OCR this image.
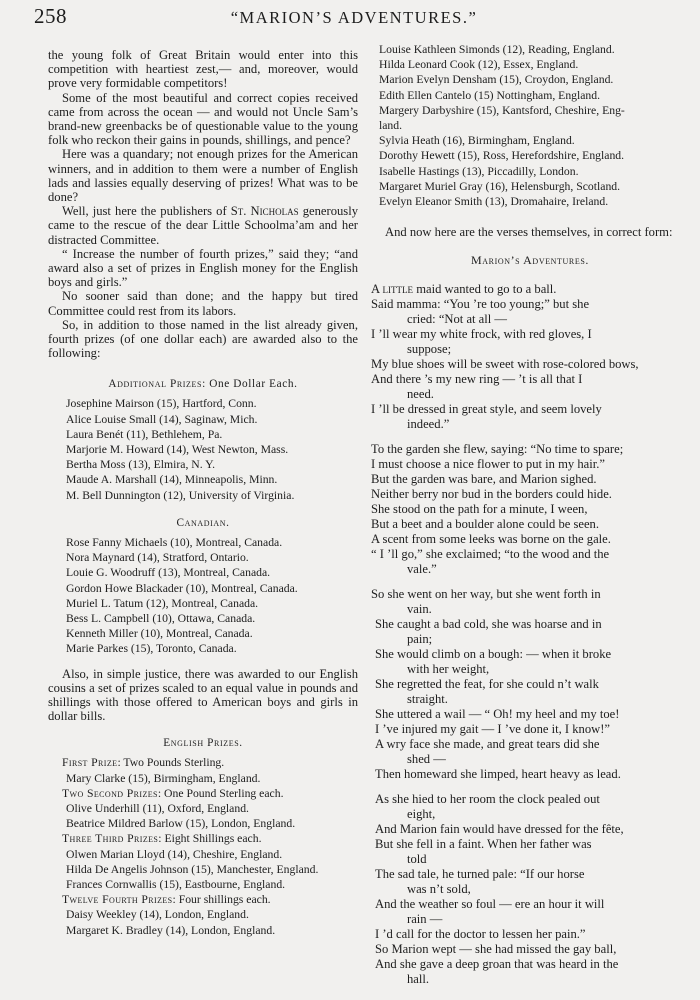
258	“MARION’S ADVENTURES.”

the young folk of Great Britain would enter into this competition with heartiest zest,— and, moreover, would prove very formidable competitors!

Some of the most beautiful and correct copies received came from across the ocean — and would not Uncle Sam’s brand-new greenbacks be of questionable value to the young folk who reckon their gains in pounds, shillings, and pence?

Here was a quandary; not enough prizes for the American winners, and in addition to them were a number of English lads and lassies equally deserving of prizes! What was to be done?

Well, just here the publishers of St. Nicholas generously came to the rescue of the dear Little Schoolma’am and her distracted Committee.

“ Increase the number of fourth prizes,” said they; “and award also a set of prizes in English money for the English boys and girls.”

No sooner said than done; and the happy but tired Committee could rest from its labors.

So, in addition to those named in the list already given, fourth prizes (of one dollar each) are awarded also to the following:

Additional Prizes: One Dollar Each.

Josephine Mairson (15), Hartford, Conn.

Alice Louise Small (14), Saginaw, Mich.

Laura Benét (11), Bethlehem, Pa.

Marjorie M. Howard (14), West Newton, Mass.

Bertha Moss (13), Elmira, N. Y.

Maude A. Marshall (14), Minneapolis, Minn.

M. Bell Dunnington (12), University of Virginia.

Canadian.

Rose Fanny Michaels (10), Montreal, Canada.

Nora Maynard (14), Stratford, Ontario.

Louie G. Woodruff (13), Montreal, Canada.

Gordon Howe Blackader (10), Montreal, Canada.

Muriel L. Tatum (12), Montreal, Canada.

Bess L. Campbell (10), Ottawa, Canada.

Kenneth Miller (10), Montreal, Canada.

Marie Parkes (15), Toronto, Canada.

Also, in simple justice, there was awarded to our English cousins a set of prizes scaled to an equal value in pounds and shillings with those offered to American boys and girls in dollar bills.

English Prizes.

First Prize: Two Pounds Sterling.

Mary Clarke (15), Birmingham, England.

Two Second Prizes: One Pound Sterling each.

Olive Underhill (11), Oxford, England.

Beatrice Mildred Barlow (15), London, England.

Three Third Prizes: Eight Shillings each.

Olwen Marian Lloyd (14), Cheshire, England.

Hilda De Angelis Johnson (15), Manchester, England.

Frances Cornwallis (15), Eastbourne, England.

Twelve Fourth Prizes: Four shillings each.

Daisy Weekley (14), London, England.

Margaret K. Bradley (14), London, England.

Louise Kathleen Simonds (12), Reading, England.

Hilda Leonard Cook (12), Essex, England.

Marion Evelyn Densham (15), Croydon, England.

Edith Ellen Cantelo (15) Nottingham, England.

Margery Darbyshire (15), Kantsford, Cheshire, Eng-

land.

Sylvia Heath (16), Birmingham, England.

Dorothy Hewett (15), Ross, Herefordshire, England.

Isabelle Hastings (13), Piccadilly, London.

Margaret Muriel Gray (16), Helensburgh, Scotland.

Evelyn Eleanor Smith (13), Dromahaire, Ireland.

And now here are the verses themselves, in correct form:

Marion’s Adventures.

A little maid wanted to go to a ball.

Said mamma: “You ’re too young;” but she

cried: “Not at all —

I ’ll wear my white frock, with red gloves, I

suppose;

My blue shoes will be sweet with rose-colored bows,

And there ’s my new ring — ’t is all that I

need.

I ’ll be dressed in great style, and seem lovely

indeed.”

To the garden she flew, saying: “No time to spare;

I must choose a nice flower to put in my hair.”

But the garden was bare, and Marion sighed.

Neither berry nor bud in the borders could hide.

She stood on the path for a minute, I ween,

But a beet and a boulder alone could be seen.

A scent from some leeks was borne on the gale.

“ I ’ll go,” she exclaimed; “to the wood and the

vale.”

So she went on her way, but she went forth in

vain.

She caught a bad cold, she was hoarse and in

pain;

She would climb on a bough: — when it broke

with her weight,

She regretted the feat, for she could n’t walk

straight.

She uttered a wail — “ Oh! my heel and my toe!

I ’ve injured my gait — I ’ve done it, I know!”

A wry face she made, and great tears did she

shed —

Then homeward she limped, heart heavy as lead.

As she hied to her room the clock pealed out

eight,

And Marion fain would have dressed for the fête,

But she fell in a faint. When her father was

told

The sad tale, he turned pale: “If our horse

was n’t sold,

And the weather so foul — ere an hour it will

rain —

I ’d call for the doctor to lessen her pain.”

So Marion wept — she had missed the gay ball,

And she gave a deep groan that was heard in the

hall.
